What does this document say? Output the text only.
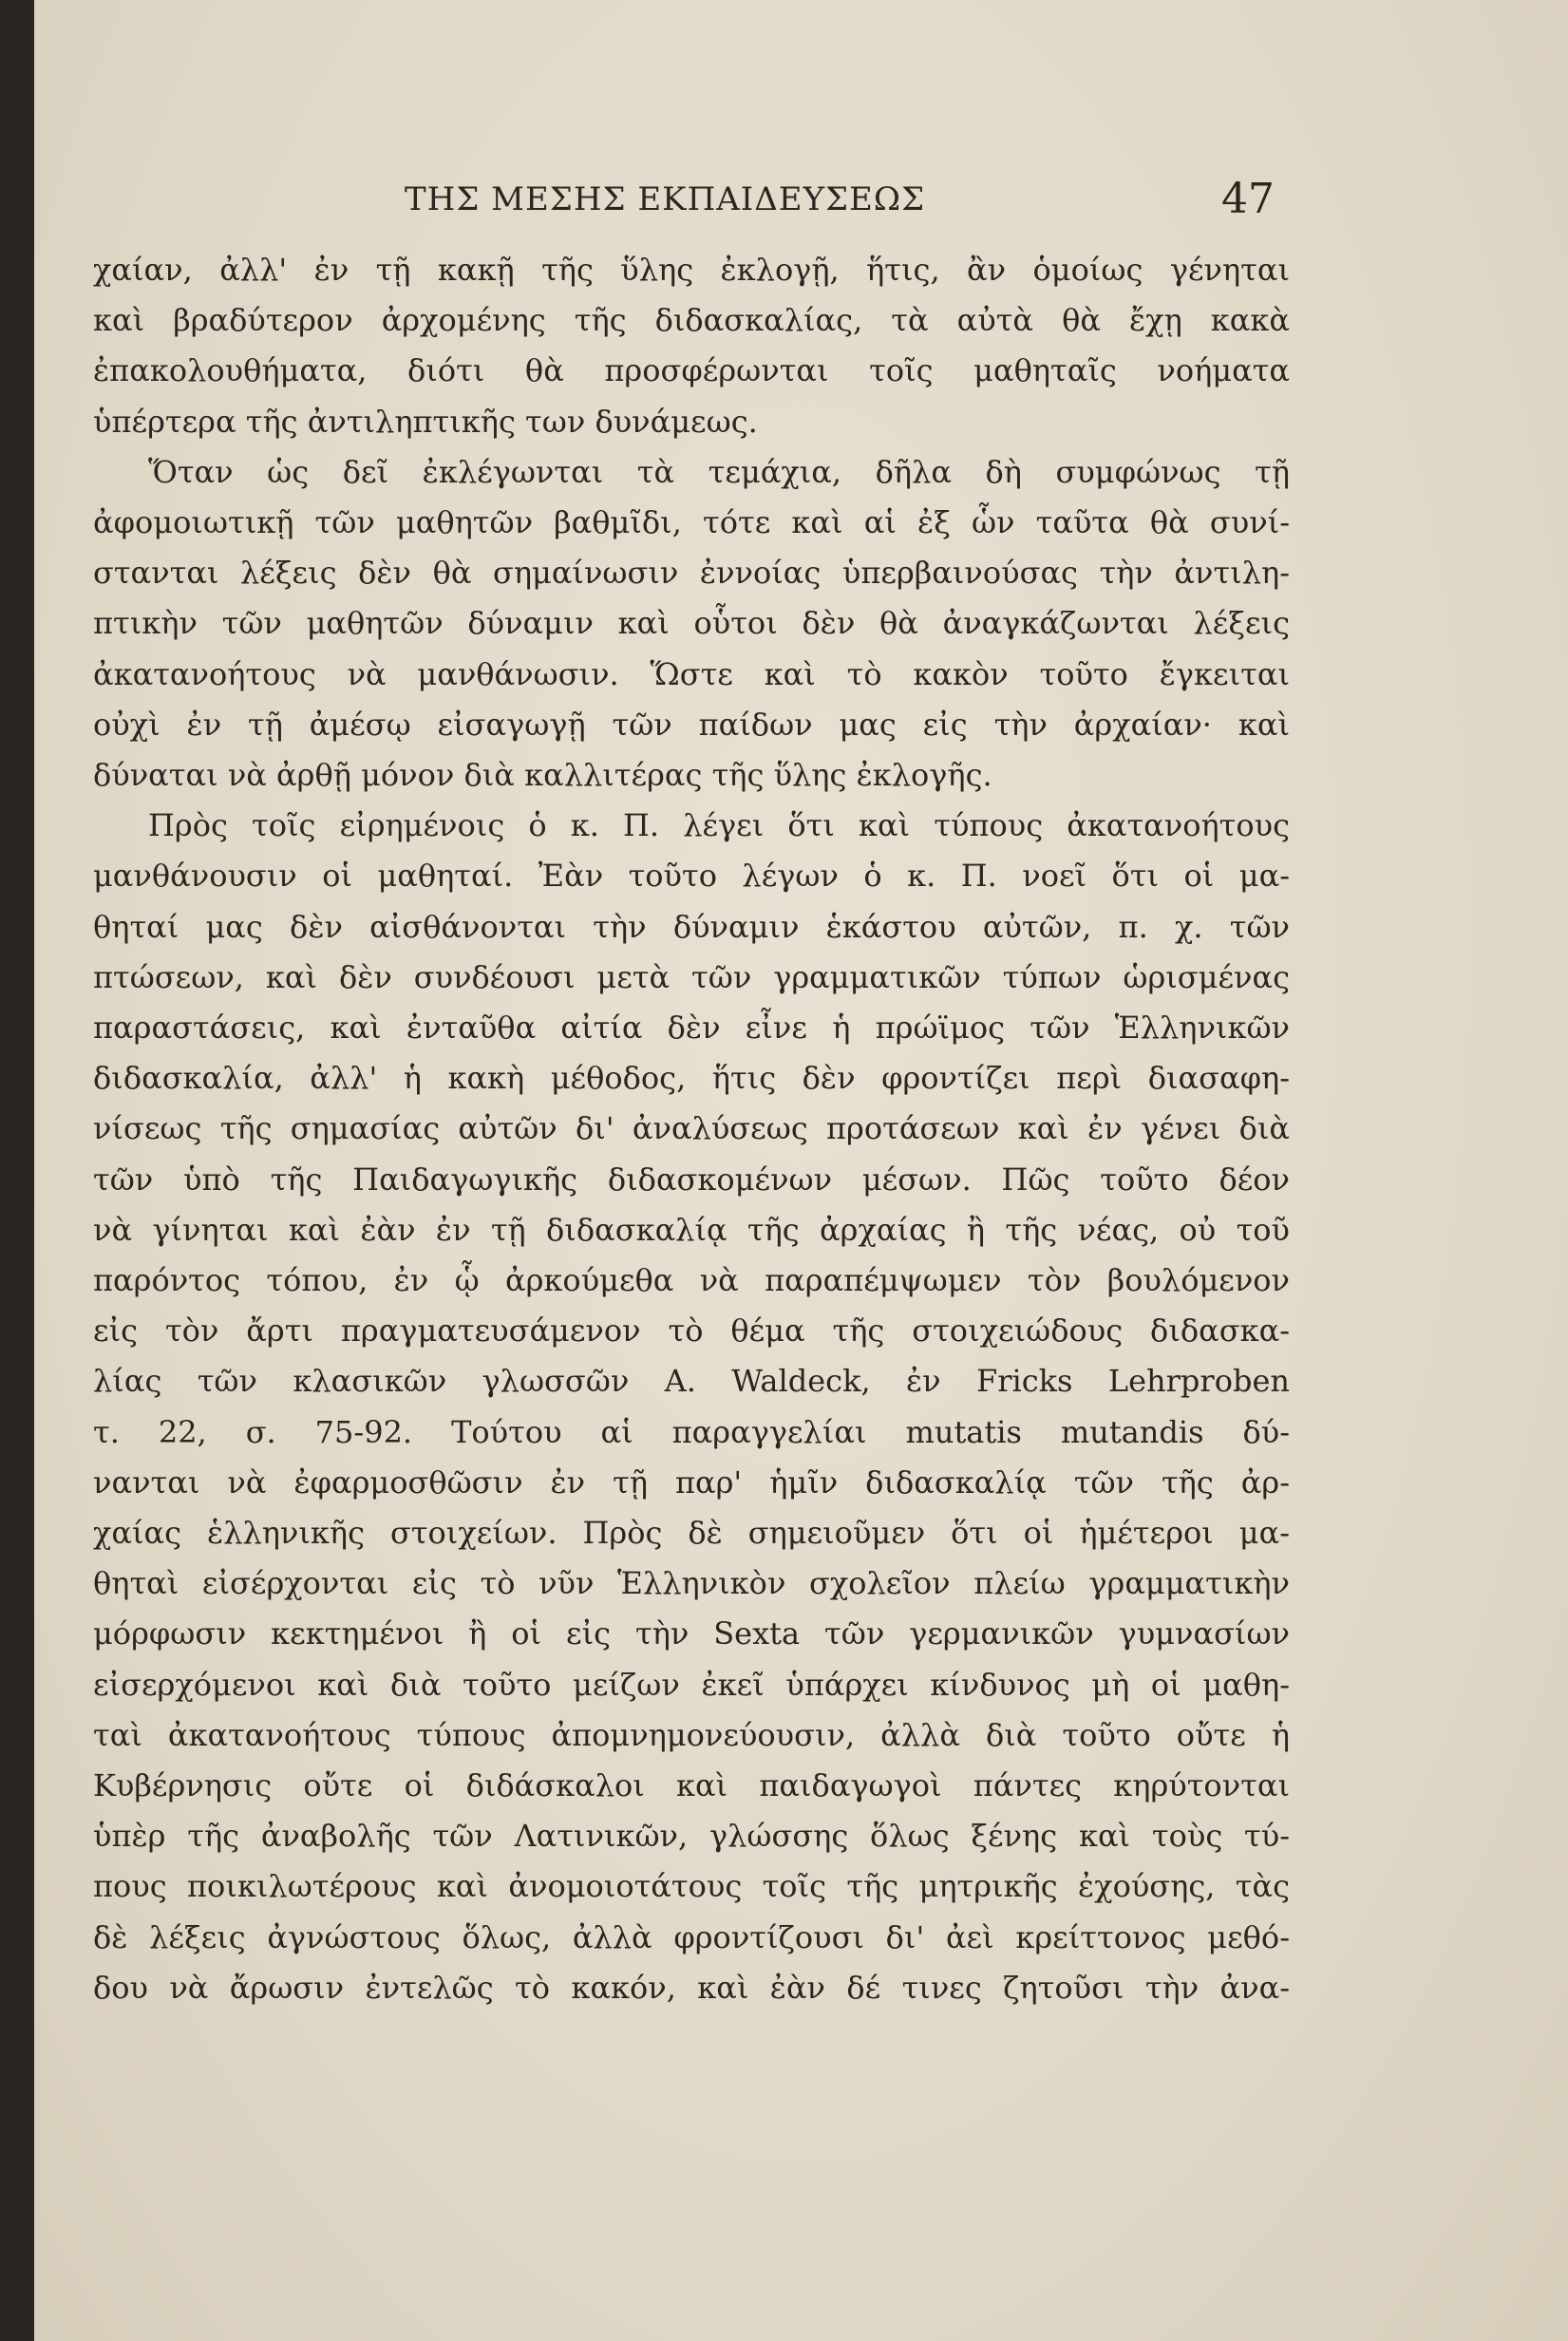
ΤΗΣ ΜΕΣΗΣ ΕΚΠΑΙΔΕΥΣΕΩΣ	47
χαίαν, ἀλλ' ἐν τῇ κακῇ τῆς ὕλης ἐκλογῇ, ἥτις, ἂν ὁμοίως γένηται
καὶ βραδύτερον ἀρχομένης τῆς διδασκαλίας, τὰ αὐτὰ θὰ ἔχῃ κακὰ
ἐπακολουθήματα, διότι θὰ προσφέρωνται τοῖς μαθηταῖς νοήματα
ὑπέρτερα τῆς ἀντιληπτικῆς των δυνάμεως.
Ὅταν ὡς δεῖ ἐκλέγωνται τὰ τεμάχια, δῆλα δὴ συμφώνως τῇ
ἀφομοιωτικῇ τῶν μαθητῶν βαθμῖδι, τότε καὶ αἱ ἐξ ὧν ταῦτα θὰ συνί-
στανται λέξεις δὲν θὰ σημαίνωσιν ἐννοίας ὑπερβαινούσας τὴν ἀντιλη-
πτικὴν τῶν μαθητῶν δύναμιν καὶ οὗτοι δὲν θὰ ἀναγκάζωνται λέξεις
ἀκατανοήτους νὰ μανθάνωσιν. Ὥστε καὶ τὸ κακὸν τοῦτο ἔγκειται
οὐχὶ ἐν τῇ ἀμέσῳ εἰσαγωγῇ τῶν παίδων μας εἰς τὴν ἀρχαίαν· καὶ
δύναται νὰ ἀρθῇ μόνον διὰ καλλιτέρας τῆς ὕλης ἐκλογῆς.
Πρὸς τοῖς εἰρημένοις ὁ κ. Π. λέγει ὅτι καὶ τύπους ἀκατανοήτους
μανθάνουσιν οἱ μαθηταί. Ἐὰν τοῦτο λέγων ὁ κ. Π. νοεῖ ὅτι οἱ μα-
θηταί μας δὲν αἰσθάνονται τὴν δύναμιν ἑκάστου αὐτῶν, π. χ. τῶν
πτώσεων, καὶ δὲν συνδέουσι μετὰ τῶν γραμματικῶν τύπων ὡρισμένας
παραστάσεις, καὶ ἐνταῦθα αἰτία δὲν εἶνε ἡ πρώϊμος τῶν Ἑλληνικῶν
διδασκαλία, ἀλλ' ἡ κακὴ μέθοδος, ἥτις δὲν φροντίζει περὶ διασαφη-
νίσεως τῆς σημασίας αὐτῶν δι' ἀναλύσεως προτάσεων καὶ ἐν γένει διὰ
τῶν ὑπὸ τῆς Παιδαγωγικῆς διδασκομένων μέσων. Πῶς τοῦτο δέον
νὰ γίνηται καὶ ἐὰν ἐν τῇ διδασκαλίᾳ τῆς ἀρχαίας ἢ τῆς νέας, οὐ τοῦ
παρόντος τόπου, ἐν ᾧ ἀρκούμεθα νὰ παραπέμψωμεν τὸν βουλόμενον
εἰς τὸν ἄρτι πραγματευσάμενον τὸ θέμα τῆς στοιχειώδους διδασκα-
λίας τῶν κλασικῶν γλωσσῶν A. Waldeck, ἐν Fricks Lehrproben
τ. 22, σ. 75-92. Τούτου αἱ παραγγελίαι mutatis mutandis δύ-
νανται νὰ ἐφαρμοσθῶσιν ἐν τῇ παρ' ἡμῖν διδασκαλίᾳ τῶν τῆς ἀρ-
χαίας ἑλληνικῆς στοιχείων. Πρὸς δὲ σημειοῦμεν ὅτι οἱ ἡμέτεροι μα-
θηταὶ εἰσέρχονται εἰς τὸ νῦν Ἑλληνικὸν σχολεῖον πλείω γραμματικὴν
μόρφωσιν κεκτημένοι ἢ οἱ εἰς τὴν Sexta τῶν γερμανικῶν γυμνασίων
εἰσερχόμενοι καὶ διὰ τοῦτο μείζων ἐκεῖ ὑπάρχει κίνδυνος μὴ οἱ μαθη-
ταὶ ἀκατανοήτους τύπους ἀπομνημονεύουσιν, ἀλλὰ διὰ τοῦτο οὔτε ἡ
Κυβέρνησις οὔτε οἱ διδάσκαλοι καὶ παιδαγωγοὶ πάντες κηρύτονται
ὑπὲρ τῆς ἀναβολῆς τῶν Λατινικῶν, γλώσσης ὅλως ξένης καὶ τοὺς τύ-
πους ποικιλωτέρους καὶ ἀνομοιοτάτους τοῖς τῆς μητρικῆς ἐχούσης, τὰς
δὲ λέξεις ἀγνώστους ὅλως, ἀλλὰ φροντίζουσι δι' ἀεὶ κρείττονος μεθό-
δου νὰ ἄρωσιν ἐντελῶς τὸ κακόν, καὶ ἐὰν δέ τινες ζητοῦσι τὴν ἀνα-
